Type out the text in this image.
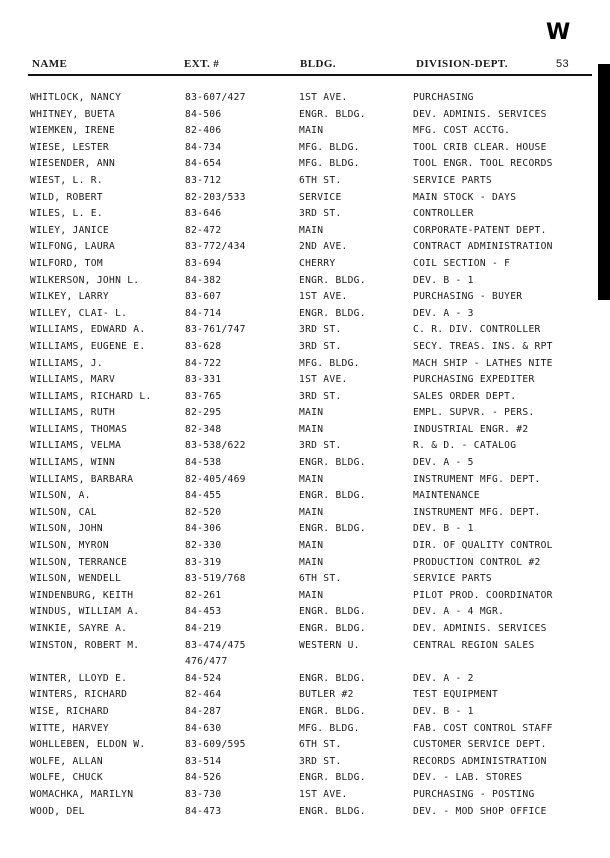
W
NAME	EXT. #	BLDG.	DIVISION-DEPT.	53
WHITLOCK, NANCY	83-607/427	1ST AVE.	PURCHASING
WHITNEY, BUETA	84-506	ENGR. BLDG.	DEV. ADMINIS. SERVICES
WIEMKEN, IRENE	82-406	MAIN	MFG. COST ACCTG.
WIESE, LESTER	84-734	MFG. BLDG.	TOOL CRIB CLEAR. HOUSE
WIESENDER, ANN	84-654	MFG. BLDG.	TOOL ENGR. TOOL RECORDS
WIEST, L. R.	83-712	6TH ST.	SERVICE PARTS
WILD, ROBERT	82-203/533	SERVICE	MAIN STOCK - DAYS
WILES, L. E.	83-646	3RD ST.	CONTROLLER
WILEY, JANICE	82-472	MAIN	CORPORATE-PATENT DEPT.
WILFONG, LAURA	83-772/434	2ND AVE.	CONTRACT ADMINISTRATION
WILFORD, TOM	83-694	CHERRY	COIL SECTION - F
WILKERSON, JOHN L.	84-382	ENGR. BLDG.	DEV. B - 1
WILKEY, LARRY	83-607	1ST AVE.	PURCHASING - BUYER
WILLEY, CLAI- L.	84-714	ENGR. BLDG.	DEV. A - 3
WILLIAMS, EDWARD A.	83-761/747	3RD ST.	C. R. DIV. CONTROLLER
WILLIAMS, EUGENE E.	83-628	3RD ST.	SECY. TREAS. INS. & RPT
WILLIAMS, J.	84-722	MFG. BLDG.	MACH SHIP - LATHES NITE
WILLIAMS, MARV	83-331	1ST AVE.	PURCHASING EXPEDITER
WILLIAMS, RICHARD L.	83-765	3RD ST.	SALES ORDER DEPT.
WILLIAMS, RUTH	82-295	MAIN	EMPL. SUPVR. - PERS.
WILLIAMS, THOMAS	82-348	MAIN	INDUSTRIAL ENGR. #2
WILLIAMS, VELMA	83-538/622	3RD ST.	R. & D. - CATALOG
WILLIAMS, WINN	84-538	ENGR. BLDG.	DEV. A - 5
WILLIAMS, BARBARA	82-405/469	MAIN	INSTRUMENT MFG. DEPT.
WILSON, A.	84-455	ENGR. BLDG.	MAINTENANCE
WILSON, CAL	82-520	MAIN	INSTRUMENT MFG. DEPT.
WILSON, JOHN	84-306	ENGR. BLDG.	DEV. B - 1
WILSON, MYRON	82-330	MAIN	DIR. OF QUALITY CONTROL
WILSON, TERRANCE	83-319	MAIN	PRODUCTION CONTROL #2
WILSON, WENDELL	83-519/768	6TH ST.	SERVICE PARTS
WINDENBURG, KEITH	82-261	MAIN	PILOT PROD. COORDINATOR
WINDUS, WILLIAM A.	84-453	ENGR. BLDG.	DEV. A - 4 MGR.
WINKIE, SAYRE A.	84-219	ENGR. BLDG.	DEV. ADMINIS. SERVICES
WINSTON, ROBERT M.	83-474/475	WESTERN U.	CENTRAL REGION SALES
476/477
WINTER, LLOYD E.	84-524	ENGR. BLDG.	DEV. A - 2
WINTERS, RICHARD	82-464	BUTLER #2	TEST EQUIPMENT
WISE, RICHARD	84-287	ENGR. BLDG.	DEV. B - 1
WITTE, HARVEY	84-630	MFG. BLDG.	FAB. COST CONTROL STAFF
WOHLLEBEN, ELDON W.	83-609/595	6TH ST.	CUSTOMER SERVICE DEPT.
WOLFE, ALLAN	83-514	3RD ST.	RECORDS ADMINISTRATION
WOLFE, CHUCK	84-526	ENGR. BLDG.	DEV. - LAB. STORES
WOMACHKA, MARILYN	83-730	1ST AVE.	PURCHASING - POSTING
WOOD, DEL	84-473	ENGR. BLDG.	DEV. - MOD SHOP OFFICE
